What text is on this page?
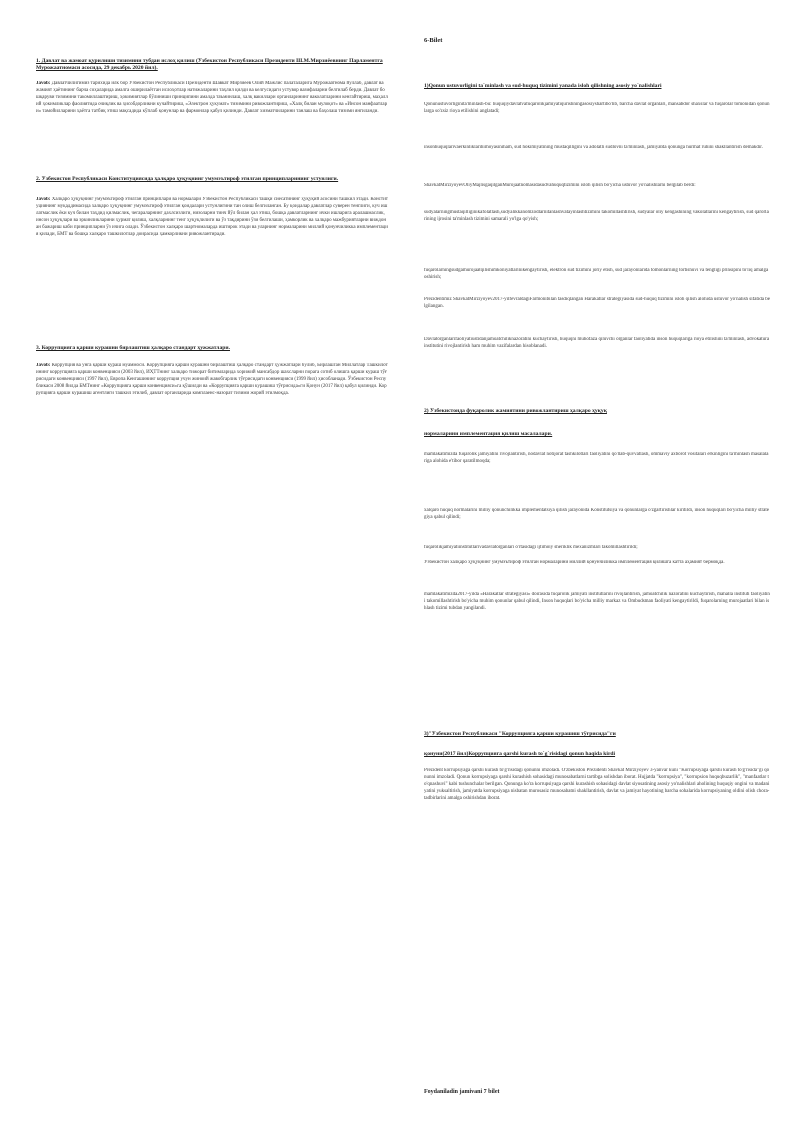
6-Bilet
1. Давлат ва жамоат қурилиши тизимини тубдан ислоҳ қилиш (Ўзбекистон Республикаси Президенти Ш.М.Мирзиёевнинг Парламентга Мурожаатномаси асосида, 29 декабрь 2020 йил).
Javob: Давлатчилигимиз тарихида илк бор Ўзбекистон Республикаси Президенти Шавкат Мирзиёев Олий Мажлис палаталарига Мурожаатнома йўллаб, давлат ва жамият ҳаётининг барча соҳаларида амалга оширилаётган ислоҳотлар натижаларини таҳлил қилди ва келгусидаги устувор вазифаларни белгилаб берди. Давлат бошқаруви тизимини такомиллаштириш, ҳокимиятлар бўлиниши принципини амалда таъминлаш, халқ вакиллари органларининг ваколатларини кенгайтириш, маҳаллий ҳокимликлар фаолиятида очиқлик ва ҳисобдорликни кучайтириш, «Электрон ҳукумат» тизимини ривожлантириш, «Халқ билан мулоқот» ва «Инсон манфаатлари» тамойилларини ҳаётга татбиқ этиш мақсадида кўплаб қонунлар ва фармонлар қабул қилинди. Давлат хизматчиларини танлаш ва баҳолаш тизими янгиланди.
2. Ўзбекистон Республикаси Конституциясида ҳалқаро ҳуқуқнинг умумэътироф этилган принципларининг устунлиги.
Javob: Халқаро ҳуқуқнинг умумэътироф этилган принциплари ва нормалари Ўзбекистон Республикаси ташқи сиёсатининг ҳуқуқий асосини ташкил этади. Конституциянинг муқаддимасида халқаро ҳуқуқнинг умумэътироф этилган қоидалари устунлигини тан олиш белгиланган. Бу қоидалар давлатлар суверен тенглиги, куч ишлатмаслик ёки куч билан таҳдид қилмаслик, чегараларнинг дахлсизлиги, низоларни тинч йўл билан ҳал этиш, бошқа давлатларнинг ички ишларига аралашмаслик, инсон ҳуқуқлари ва эркинликларини ҳурмат қилиш, халқларнинг тенг ҳуқуқлилиги ва ўз тақдирини ўзи белгилаши, ҳамкорлик ва халқаро мажбуриятларни виждонан бажариш каби принципларни ўз ичига олади. Ўзбекистон халқаро шартномаларда иштирок этади ва уларнинг нормаларини миллий қонунчиликка имплементация қилади, БМТ ва бошқа халқаро ташкилотлар доирасида ҳамкорликни ривожлантиради.
3. Коррупцияга қарши курашни бирлаштиш ҳалқаро стандарт ҳужжатлари.
Javob: Коррупция ва унга қарши кураш муаммоси. Коррупцияга қарши курашни бирлаштиш ҳалқаро стандарт ҳужжатлари бўлиб, Бирлашган Миллатлар Ташкилотининг коррупцияга қарши конвенцияси (2003 йил), ИҲТТнинг халқаро тижорат битимларида хорижий мансабдор шахсларни порага сотиб олишга қарши кураш тўғрисидаги конвенцияси (1997 йил), Европа Кенгашининг коррупция учун жиноий жавобгарлик тўғрисидаги конвенцияси (1999 йил) ҳисобланади. Ўзбекистон Республикаси 2008 йилда БМТнинг «Коррупцияга қарши конвенцияси»га қўшилди ва «Коррупцияга қарши курашиш тўғрисида»ги Қонун (2017 йил) қабул қилинди. Коррупцияга қарши курашиш агентлиги ташкил этилиб, давлат органларида комплаенс-назорат тизими жорий этилмоқда.
1)Qonun ustuvorligini ta`minlash va sud-huquq tizimini yanada isloh qilishning asosiy yo`nalishlari
Qonunustuvorliginita'minlash-bu: huquqiydavlatvafuqarolikjamiyatiqurishningasosiyshartibo'lib, barcha davlat organlari, mansabdor shaxslar va fuqarolar tomonidan qonunlarga so'zsiz rioya etilishini anglatadi;
insonhuquqlarivaerkinliklarihimoyasiniham, sud hokimiyatining mustaqilligini va adolatli sudlovni ta'minlash, jamiyatda qonunga hurmat ruhini shakllantirish demakdir.
ShavkatMirziyoyevOliyMajlisgaqilganMurojaatnomasidasudvahuquqtizimini isloh qilish bo'yicha ustuvor yo'nalishlarni belgilab berdi:
sudyalarningmustaqilliginikafolatlash,sudyalikkanomzodlarnitanlashvatayinlashtizimini takomillashtirish, sudyalar oliy kengashining vakolatlarini kengaytirish, sud qarorlarining ijrosini ta'minlash tizimini samarali yo'lga qo'yish;
fuqarolarningsudgamurojaatqilishimkoniyatlarinikengaytirish, elektron sud tizimini joriy etish, sud jarayonlarida tomonlarning tortishuvi va tengligi prinsipini to'liq amalga oshirish;
Prezidentimiz ShavkatMirziyoyev2017-yilfevraldagiFarmonibilan tasdiqlangan Harakatlar strategiyasida sud-huquq tizimini isloh qilish alohida ustuvor yo'nalish sifatida belgilangan.
Davlatorganlarifaoliyatiustidanjamoatchiliknazoratini kuchaytirish, huquqni muhofaza qiluvchi organlar faoliyatida inson huquqlariga rioya etilishini ta'minlash, advokatura institutini rivojlantirish ham muhim vazifalardan hisoblanadi.
2) Ўзбекистонда фуқаролик жамиятини ривожлантириш ҳалқаро ҳуқуқ
нормаларини имплементация қилиш масалалари.
mamlakatimizda fuqarolik jamiyatini rivojlantirish, nodavlat notijorat tashkilotlari faoliyatini qo'llab-quvvatlash, ommaviy axborot vositalari erkinligini ta'minlash masalalariga alohida e'tibor qaratilmoqda;
xalqaro huquq normalarini milliy qonunchilikka implementatsiya qilish jarayonida Konstitutsiya va qonunlarga o'zgartirishlar kiritildi, inson huquqlari bo'yicha milliy strategiya qabul qilindi;
fuqarolikjamiyatiinstitutlarivadavlatorganlari o'rtasidagi ijtimoiy sheriklik mexanizmlari takomillashtirildi;
Ўзбекистон халқаро ҳуқуқнинг умумэътироф этилган нормаларини миллий қонунчиликка имплементация қилишга катта аҳамият бермоқда.
mamlakatimizda2017-yilda «Harakatlar strategiyasi» doirasida fuqarolik jamiyati institutlarini rivojlantirish, jamoatchilik nazoratini kuchaytirish, mahalla instituti faoliyatini takomillashtirish bo'yicha muhim qonunlar qabul qilindi, Inson huquqlari bo'yicha milliy markaz va Ombudsman faoliyati kengaytirildi, fuqarolarning murojaatlari bilan ishlash tizimi tubdan yangilandi.
3)"Ўзбекистон Республикаси "Коррупцияга қарши курашиш тўғрисида"ги
қонуни(2017 йил)Коррупцияга qarshi kurash to`g`risidagi qonun haqida kirdi
Prezident korrupsiyaga qarshi kurash to'g'risidagi qonunni imzoladi. O'zbekiston Prezidenti Shavkat Mirziyoyev 3-yanvar kuni "Korrupsiyaga qarshi kurash to'g'risida"gi qonunni imzoladi. Qonun korrupsiyaga qarshi kurashish sohasidagi munosabatlarni tartibga solishdan iborat. Hujjatda "korrupsiya", "korrupsion huquqbuzarlik", "manfaatlar to'qnashuvi" kabi tushunchalar berilgan. Qonunga ko'ra korrupsiyaga qarshi kurashish sohasidagi davlat siyosatining asosiy yo'nalishlari aholining huquqiy ongini va madaniyatini yuksaltirish, jamiyatda korrupsiyaga nisbatan murosasiz munosabatni shakllantirish, davlat va jamiyat hayotining barcha sohalarida korrupsiyaning oldini olish chora-tadbirlarini amalga oshirishdan iborat.
Foydaniladin jamivani 7 bilet
